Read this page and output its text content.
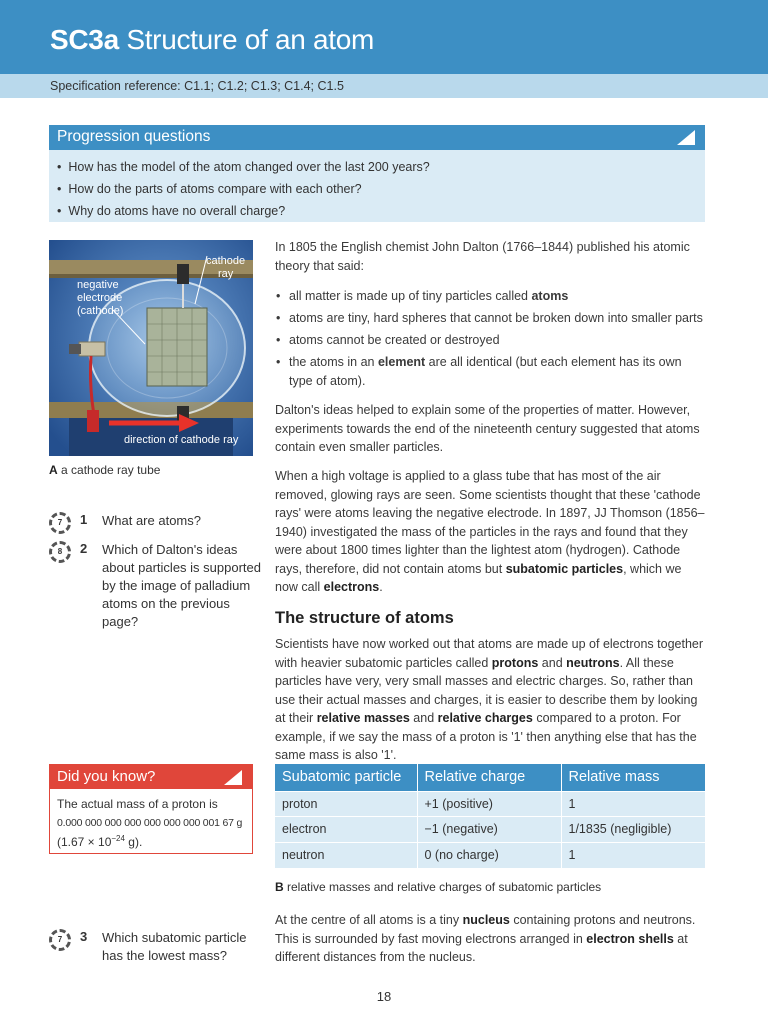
SC3a Structure of an atom
Specification reference: C1.1; C1.2; C1.3; C1.4; C1.5
Progression questions
• How has the model of the atom changed over the last 200 years?
• How do the parts of atoms compare with each other?
• Why do atoms have no overall charge?
cathode
ray
negative
electrode
(cathode)
direction of cathode ray
A a cathode ray tube
7	1 What are atoms?
8	2 Which of Dalton's ideas about particles is supported by the image of palladium atoms on the previous page?
7	3 Which subatomic particle has the lowest mass?

In 1805 the English chemist John Dalton (1766–1844) published his atomic theory that said:

• all matter is made up of tiny particles called atoms
• atoms are tiny, hard spheres that cannot be broken down into smaller parts
• atoms cannot be created or destroyed
• the atoms in an element are all identical (but each element has its own type of atom).

Dalton's ideas helped to explain some of the properties of matter. However, experiments towards the end of the nineteenth century suggested that atoms contain even smaller particles.

When a high voltage is applied to a glass tube that has most of the air removed, glowing rays are seen. Some scientists thought that these 'cathode rays' were atoms leaving the negative electrode. In 1897, JJ Thomson (1856–1940) investigated the mass of the particles in the rays and found that they were about 1800 times lighter than the lightest atom (hydrogen). Cathode rays, therefore, did not contain atoms but subatomic particles, which we now call electrons.

The structure of atoms

Scientists have now worked out that atoms are made up of electrons together with heavier subatomic particles called protons and neutrons. All these particles have very, very small masses and electric charges. So, rather than use their actual masses and charges, it is easier to describe them by looking at their relative masses and relative charges compared to a proton. For example, if we say the mass of a proton is '1' then anything else that has the same mass is also '1'.

Did you know?
The actual mass of a proton is
0.000 000 000 000 000 000 000 001 67 g
($1.67 \times 10^{-24}$ g).
Subatomic particle	Relative charge	Relative mass
proton	+1 (positive)	1
electron	−1 (negative)	1/1835 (negligible)
neutron	0 (no charge)	1
B relative masses and relative charges of subatomic particles

At the centre of all atoms is a tiny nucleus containing protons and neutrons. This is surrounded by fast moving electrons arranged in electron shells at different distances from the nucleus.

18
